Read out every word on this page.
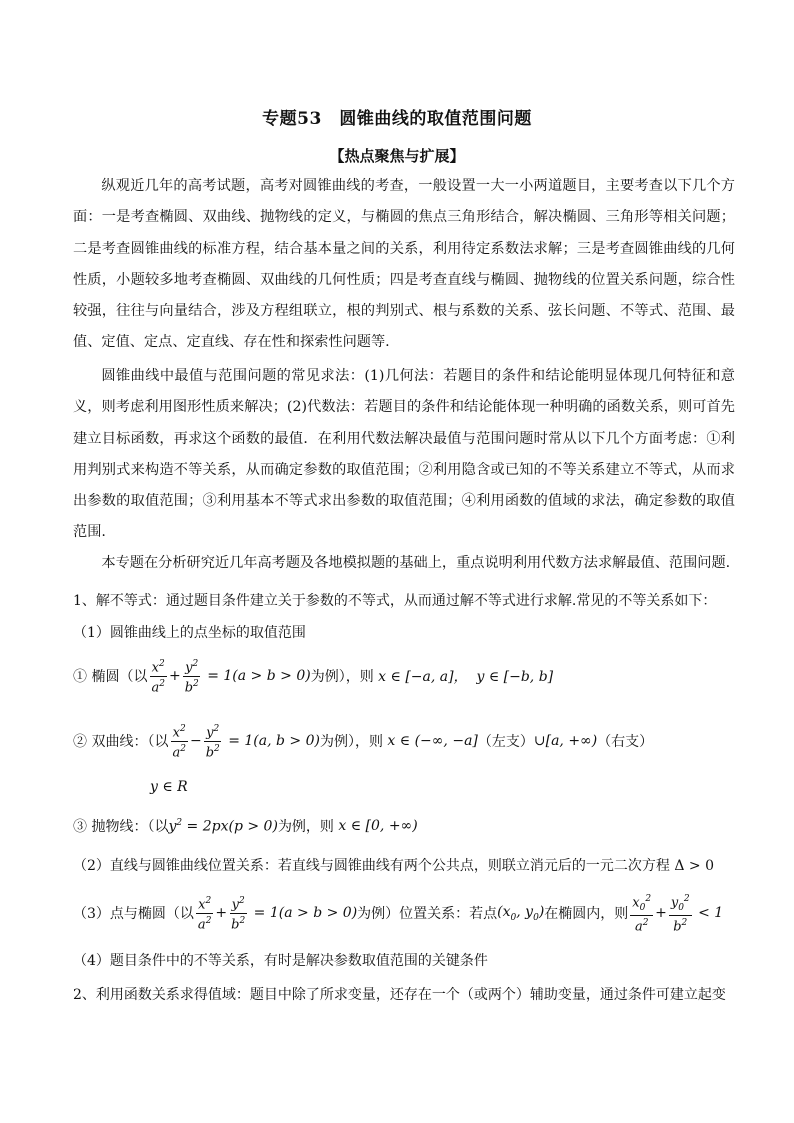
专题53　圆锥曲线的取值范围问题
【热点聚焦与扩展】

纵观近几年的高考试题，高考对圆锥曲线的考查，一般设置一大一小两道题目，主要考查以下几个方面：一是考查椭圆、双曲线、抛物线的定义，与椭圆的焦点三角形结合，解决椭圆、三角形等相关问题；二是考查圆锥曲线的标准方程，结合基本量之间的关系，利用待定系数法求解；三是考查圆锥曲线的几何性质，小题较多地考查椭圆、双曲线的几何性质；四是考查直线与椭圆、抛物线的位置关系问题，综合性较强，往往与向量结合，涉及方程组联立，根的判别式、根与系数的关系、弦长问题、不等式、范围、最值、定值、定点、定直线、存在性和探索性问题等.

圆锥曲线中最值与范围问题的常见求法：(1)几何法：若题目的条件和结论能明显体现几何特征和意义，则考虑利用图形性质来解决；(2)代数法：若题目的条件和结论能体现一种明确的函数关系，则可首先建立目标函数，再求这个函数的最值．在利用代数法解决最值与范围问题时常从以下几个方面考虑：①利用判别式来构造不等关系，从而确定参数的取值范围；②利用隐含或已知的不等关系建立不等式，从而求出参数的取值范围；③利用基本不等式求出参数的取值范围；④利用函数的值域的求法，确定参数的取值范围.

本专题在分析研究近几年高考题及各地模拟题的基础上，重点说明利用代数方法求解最值、范围问题.

1、解不等式：通过题目条件建立关于参数的不等式，从而通过解不等式进行求解.常见的不等关系如下：
（1）圆锥曲线上的点坐标的取值范围
① 椭圆（以 $\frac{x^2}{a^2} + \frac{y^2}{b^2} = 1(a > b > 0)$ 为例），则 x ∈ [−a, a]，  y ∈ [−b, b]
② 双曲线：（以 $\frac{x^2}{a^2} - \frac{y^2}{b^2} = 1(a$, b > 0) 为例），则 x ∈ (−∞, −a] （左支） ∪ [a, +∞) （右支）
y ∈ R
③ 抛物线：（以 $y^2 = 2px(p > 0)$ 为例，则 x ∈ [0, +∞)
（2）直线与圆锥曲线位置关系：若直线与圆锥曲线有两个公共点，则联立消元后的一元二次方程 Δ > 0
（3）点与椭圆（以 $\frac{x^2}{a^2} + \frac{y^2}{b^2} = 1(a > b > 0)$ 为例）位置关系：若点 ($x_0$, $y_0$) 在椭圆内，则 $\frac{x_0^2}{a^2} + \frac{y_0^2}{b^2} < 1$
（4）题目条件中的不等关系，有时是解决参数取值范围的关键条件
2、利用函数关系求得值域：题目中除了所求变量，还存在一个（或两个）辅助变量，通过条件可建立起变
